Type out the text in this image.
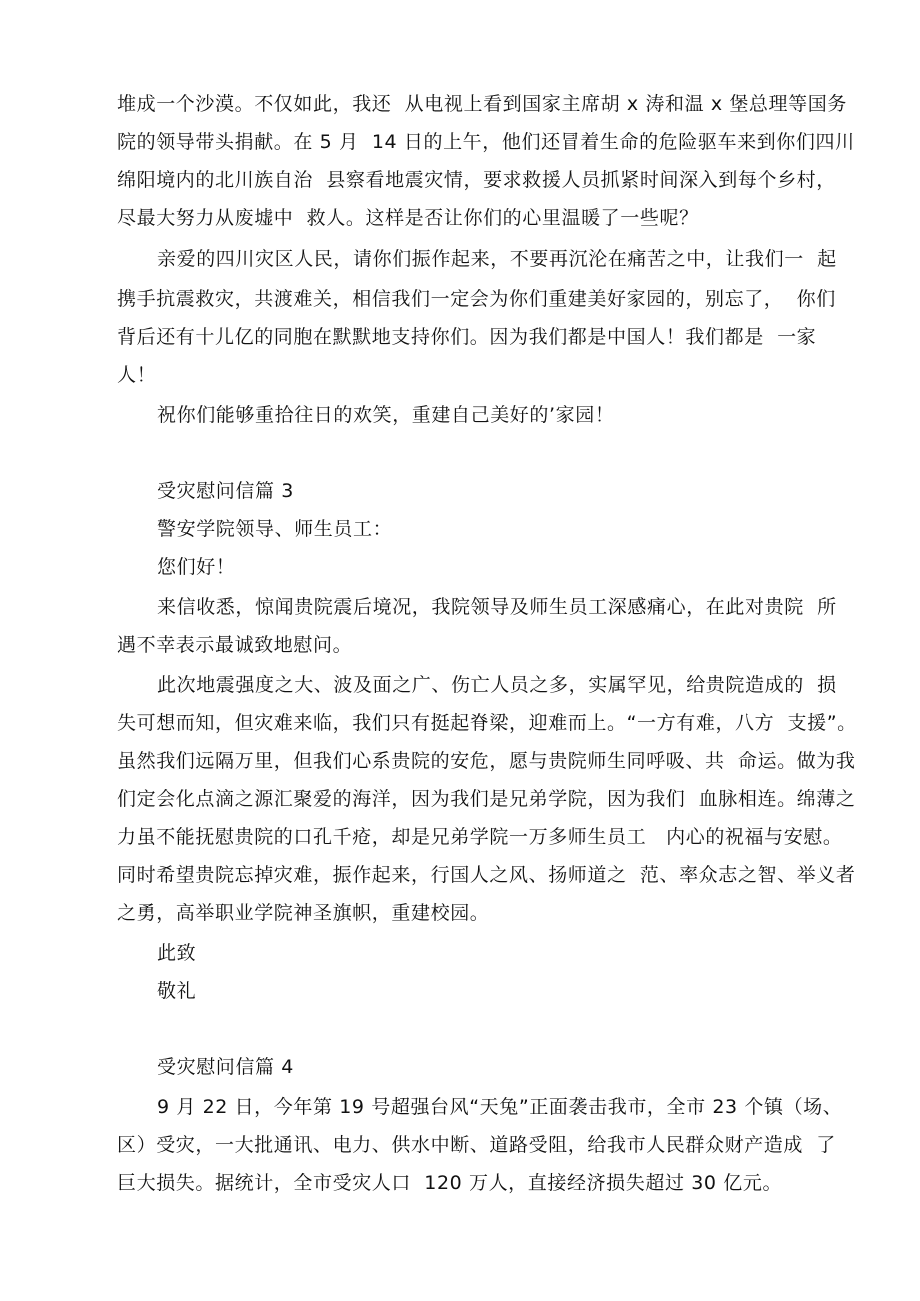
堆成一个沙漠。不仅如此，我还  从电视上看到国家主席胡 x 涛和温 x 堡总理等国务
院的领导带头捐献。在 5 月  14 日的上午，他们还冒着生命的危险驱车来到你们四川
绵阳境内的北川族自治  县察看地震灾情，要求救援人员抓紧时间深入到每个乡村，
尽最大努力从废墟中  救人。这样是否让你们的心里温暖了一些呢？
亲爱的四川灾区人民，请你们振作起来，不要再沉沦在痛苦之中，让我们一  起
携手抗震救灾，共渡难关，相信我们一定会为你们重建美好家园的，别忘了，  你们
背后还有十儿亿的同胞在默默地支持你们。因为我们都是中国人！我们都是  一家
人！
祝你们能够重拾往日的欢笑，重建自己美好的’家园！
受灾慰问信篇 3
警安学院领导、师生员工：
您们好！
来信收悉，惊闻贵院震后境况，我院领导及师生员工深感痛心，在此对贵院  所
遇不幸表示最诚致地慰问。
此次地震强度之大、波及面之广、伤亡人员之多，实属罕见，给贵院造成的  损
失可想而知，但灾难来临，我们只有挺起脊梁，迎难而上。“一方有难，八方  支援”。
虽然我们远隔万里，但我们心系贵院的安危，愿与贵院师生同呼吸、共  命运。做为我
们定会化点滴之源汇聚爱的海洋，因为我们是兄弟学院，因为我们  血脉相连。绵薄之
力虽不能抚慰贵院的口孔千疮，却是兄弟学院一万多师生员工   内心的祝福与安慰。
同时希望贵院忘掉灾难，振作起来，行国人之风、扬师道之  范、率众志之智、举义者
之勇，高举职业学院神圣旗帜，重建校园。
此致
敬礼
受灾慰问信篇 4
9 月 22 日，今年第 19 号超强台风“天兔”正面袭击我市，全市 23 个镇（场、
区）受灾，一大批通讯、电力、供水中断、道路受阻，给我市人民群众财产造成  了
巨大损失。据统计，全市受灾人口  120 万人，直接经济损失超过 30 亿元。
